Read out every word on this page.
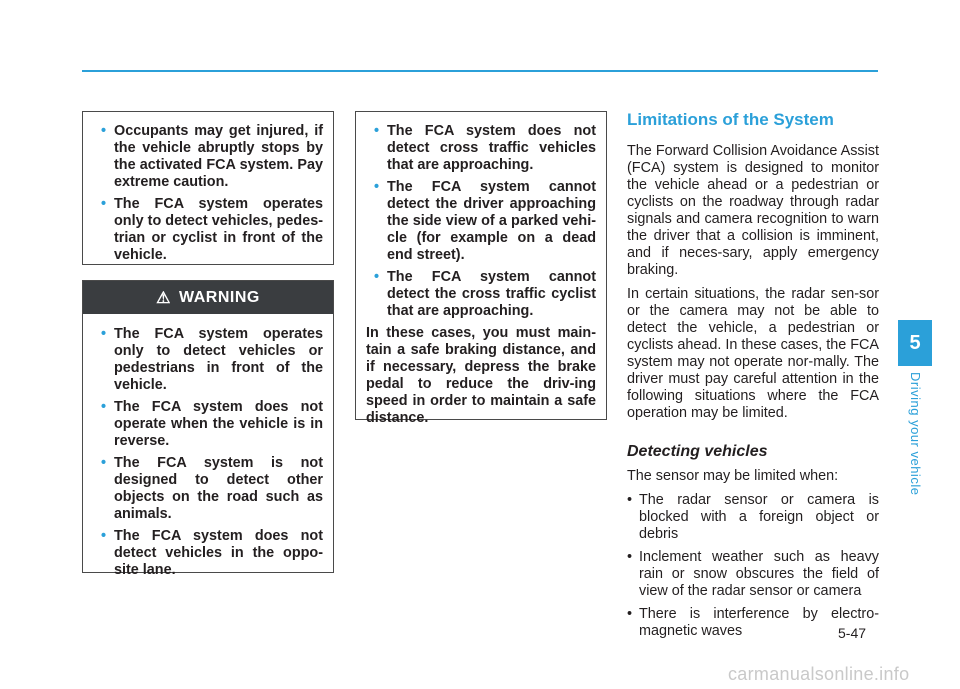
• Occupants may get injured, if the vehicle abruptly stops by the activated FCA system. Pay extreme caution.
• The FCA system operates only to detect vehicles, pedes-trian or cyclist in front of the vehicle.
⚠ WARNING
• The FCA system operates only to detect vehicles or pedestrians in front of the vehicle.
• The FCA system does not operate when the vehicle is in reverse.
• The FCA system is not designed to detect other objects on the road such as animals.
• The FCA system does not detect vehicles in the oppo-site lane.
• The FCA system does not detect cross traffic vehicles that are approaching.
• The FCA system cannot detect the driver approaching the side view of a parked vehi-cle (for example on a dead end street).
• The FCA system cannot detect the cross traffic cyclist that are approaching.

In these cases, you must main-tain a safe braking distance, and if necessary, depress the brake pedal to reduce the driv-ing speed in order to maintain a safe distance.

Limitations of the System

The Forward Collision Avoidance Assist (FCA) system is designed to monitor the vehicle ahead or a pedestrian or cyclists on the roadway through radar signals and camera recognition to warn the driver that a collision is imminent, and if neces-sary, apply emergency braking.

In certain situations, the radar sen-sor or the camera may not be able to detect the vehicle, a pedestrian or cyclists ahead. In these cases, the FCA system may not operate nor-mally. The driver must pay careful attention in the following situations where the FCA operation may be limited.

Detecting vehicles

The sensor may be limited when:

• The radar sensor or camera is blocked with a foreign object or debris
• Inclement weather such as heavy rain or snow obscures the field of view of the radar sensor or camera
• There is interference by electro-magnetic waves
5
Driving your vehicle
5-47
carmanualsonline.info
